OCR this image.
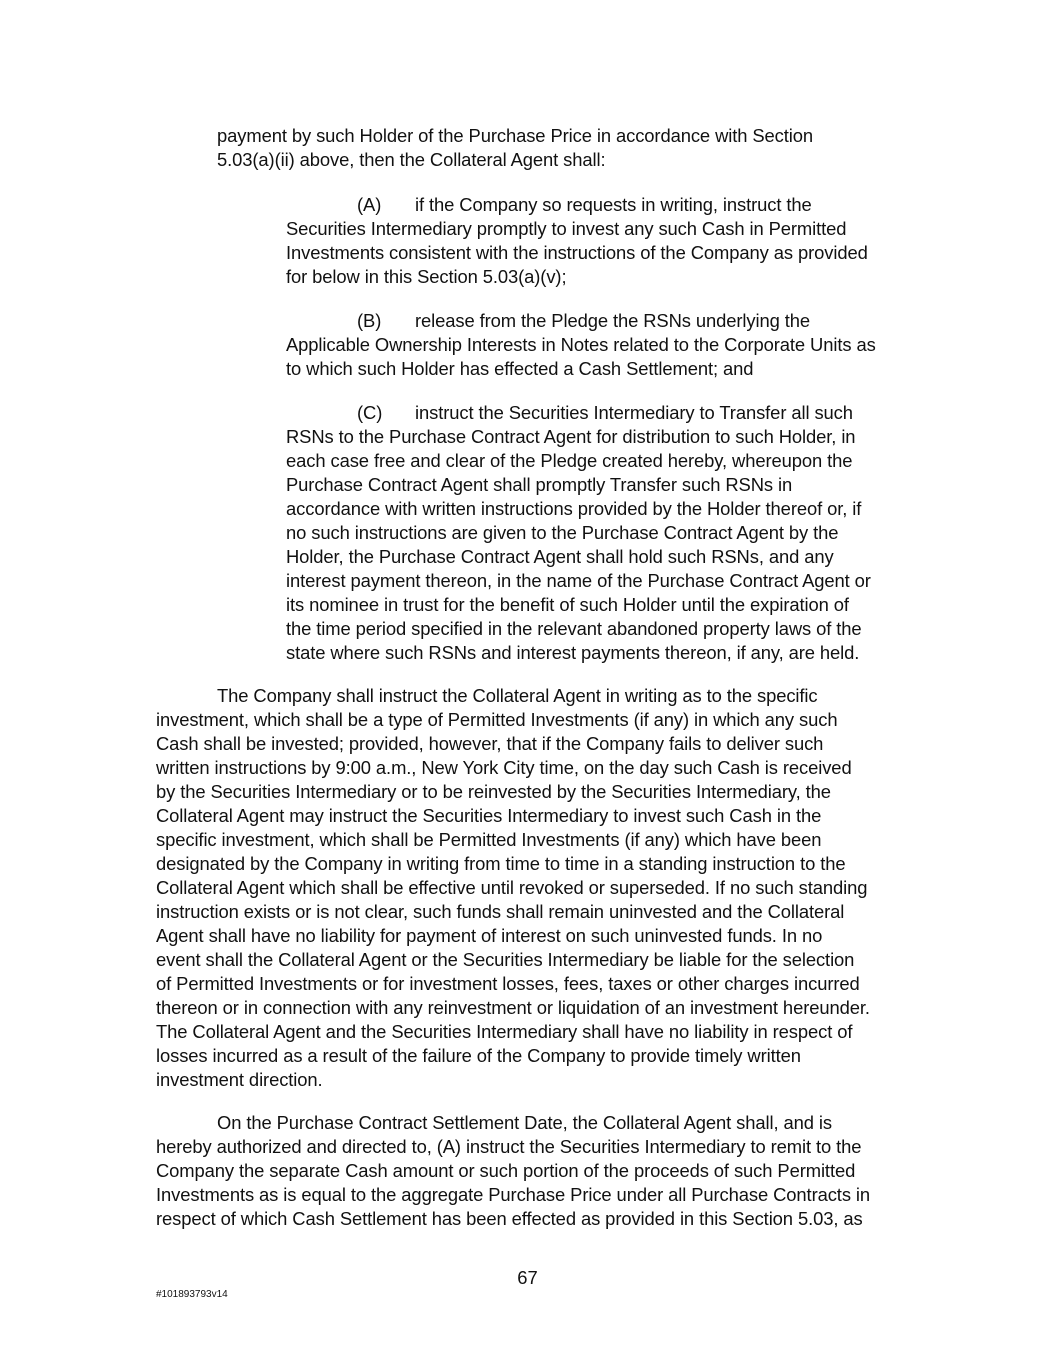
payment by such Holder of the Purchase Price in accordance with Section
5.03(a)(ii) above, then the Collateral Agent shall:
(A) if the Company so requests in writing, instruct the
Securities Intermediary promptly to invest any such Cash in Permitted
Investments consistent with the instructions of the Company as provided
for below in this Section 5.03(a)(v);
(B) release from the Pledge the RSNs underlying the
Applicable Ownership Interests in Notes related to the Corporate Units as
to which such Holder has effected a Cash Settlement; and
(C) instruct the Securities Intermediary to Transfer all such
RSNs to the Purchase Contract Agent for distribution to such Holder, in
each case free and clear of the Pledge created hereby, whereupon the
Purchase Contract Agent shall promptly Transfer such RSNs in
accordance with written instructions provided by the Holder thereof or, if
no such instructions are given to the Purchase Contract Agent by the
Holder, the Purchase Contract Agent shall hold such RSNs, and any
interest payment thereon, in the name of the Purchase Contract Agent or
its nominee in trust for the benefit of such Holder until the expiration of
the time period specified in the relevant abandoned property laws of the
state where such RSNs and interest payments thereon, if any, are held.
The Company shall instruct the Collateral Agent in writing as to the specific
investment, which shall be a type of Permitted Investments (if any) in which any such
Cash shall be invested; provided, however, that if the Company fails to deliver such
written instructions by 9:00 a.m., New York City time, on the day such Cash is received
by the Securities Intermediary or to be reinvested by the Securities Intermediary, the
Collateral Agent may instruct the Securities Intermediary to invest such Cash in the
specific investment, which shall be Permitted Investments (if any) which have been
designated by the Company in writing from time to time in a standing instruction to the
Collateral Agent which shall be effective until revoked or superseded. If no such standing
instruction exists or is not clear, such funds shall remain uninvested and the Collateral
Agent shall have no liability for payment of interest on such uninvested funds. In no
event shall the Collateral Agent or the Securities Intermediary be liable for the selection
of Permitted Investments or for investment losses, fees, taxes or other charges incurred
thereon or in connection with any reinvestment or liquidation of an investment hereunder.
The Collateral Agent and the Securities Intermediary shall have no liability in respect of
losses incurred as a result of the failure of the Company to provide timely written
investment direction.
On the Purchase Contract Settlement Date, the Collateral Agent shall, and is
hereby authorized and directed to, (A) instruct the Securities Intermediary to remit to the
Company the separate Cash amount or such portion of the proceeds of such Permitted
Investments as is equal to the aggregate Purchase Price under all Purchase Contracts in
respect of which Cash Settlement has been effected as provided in this Section 5.03, as
67
#101893793v14
